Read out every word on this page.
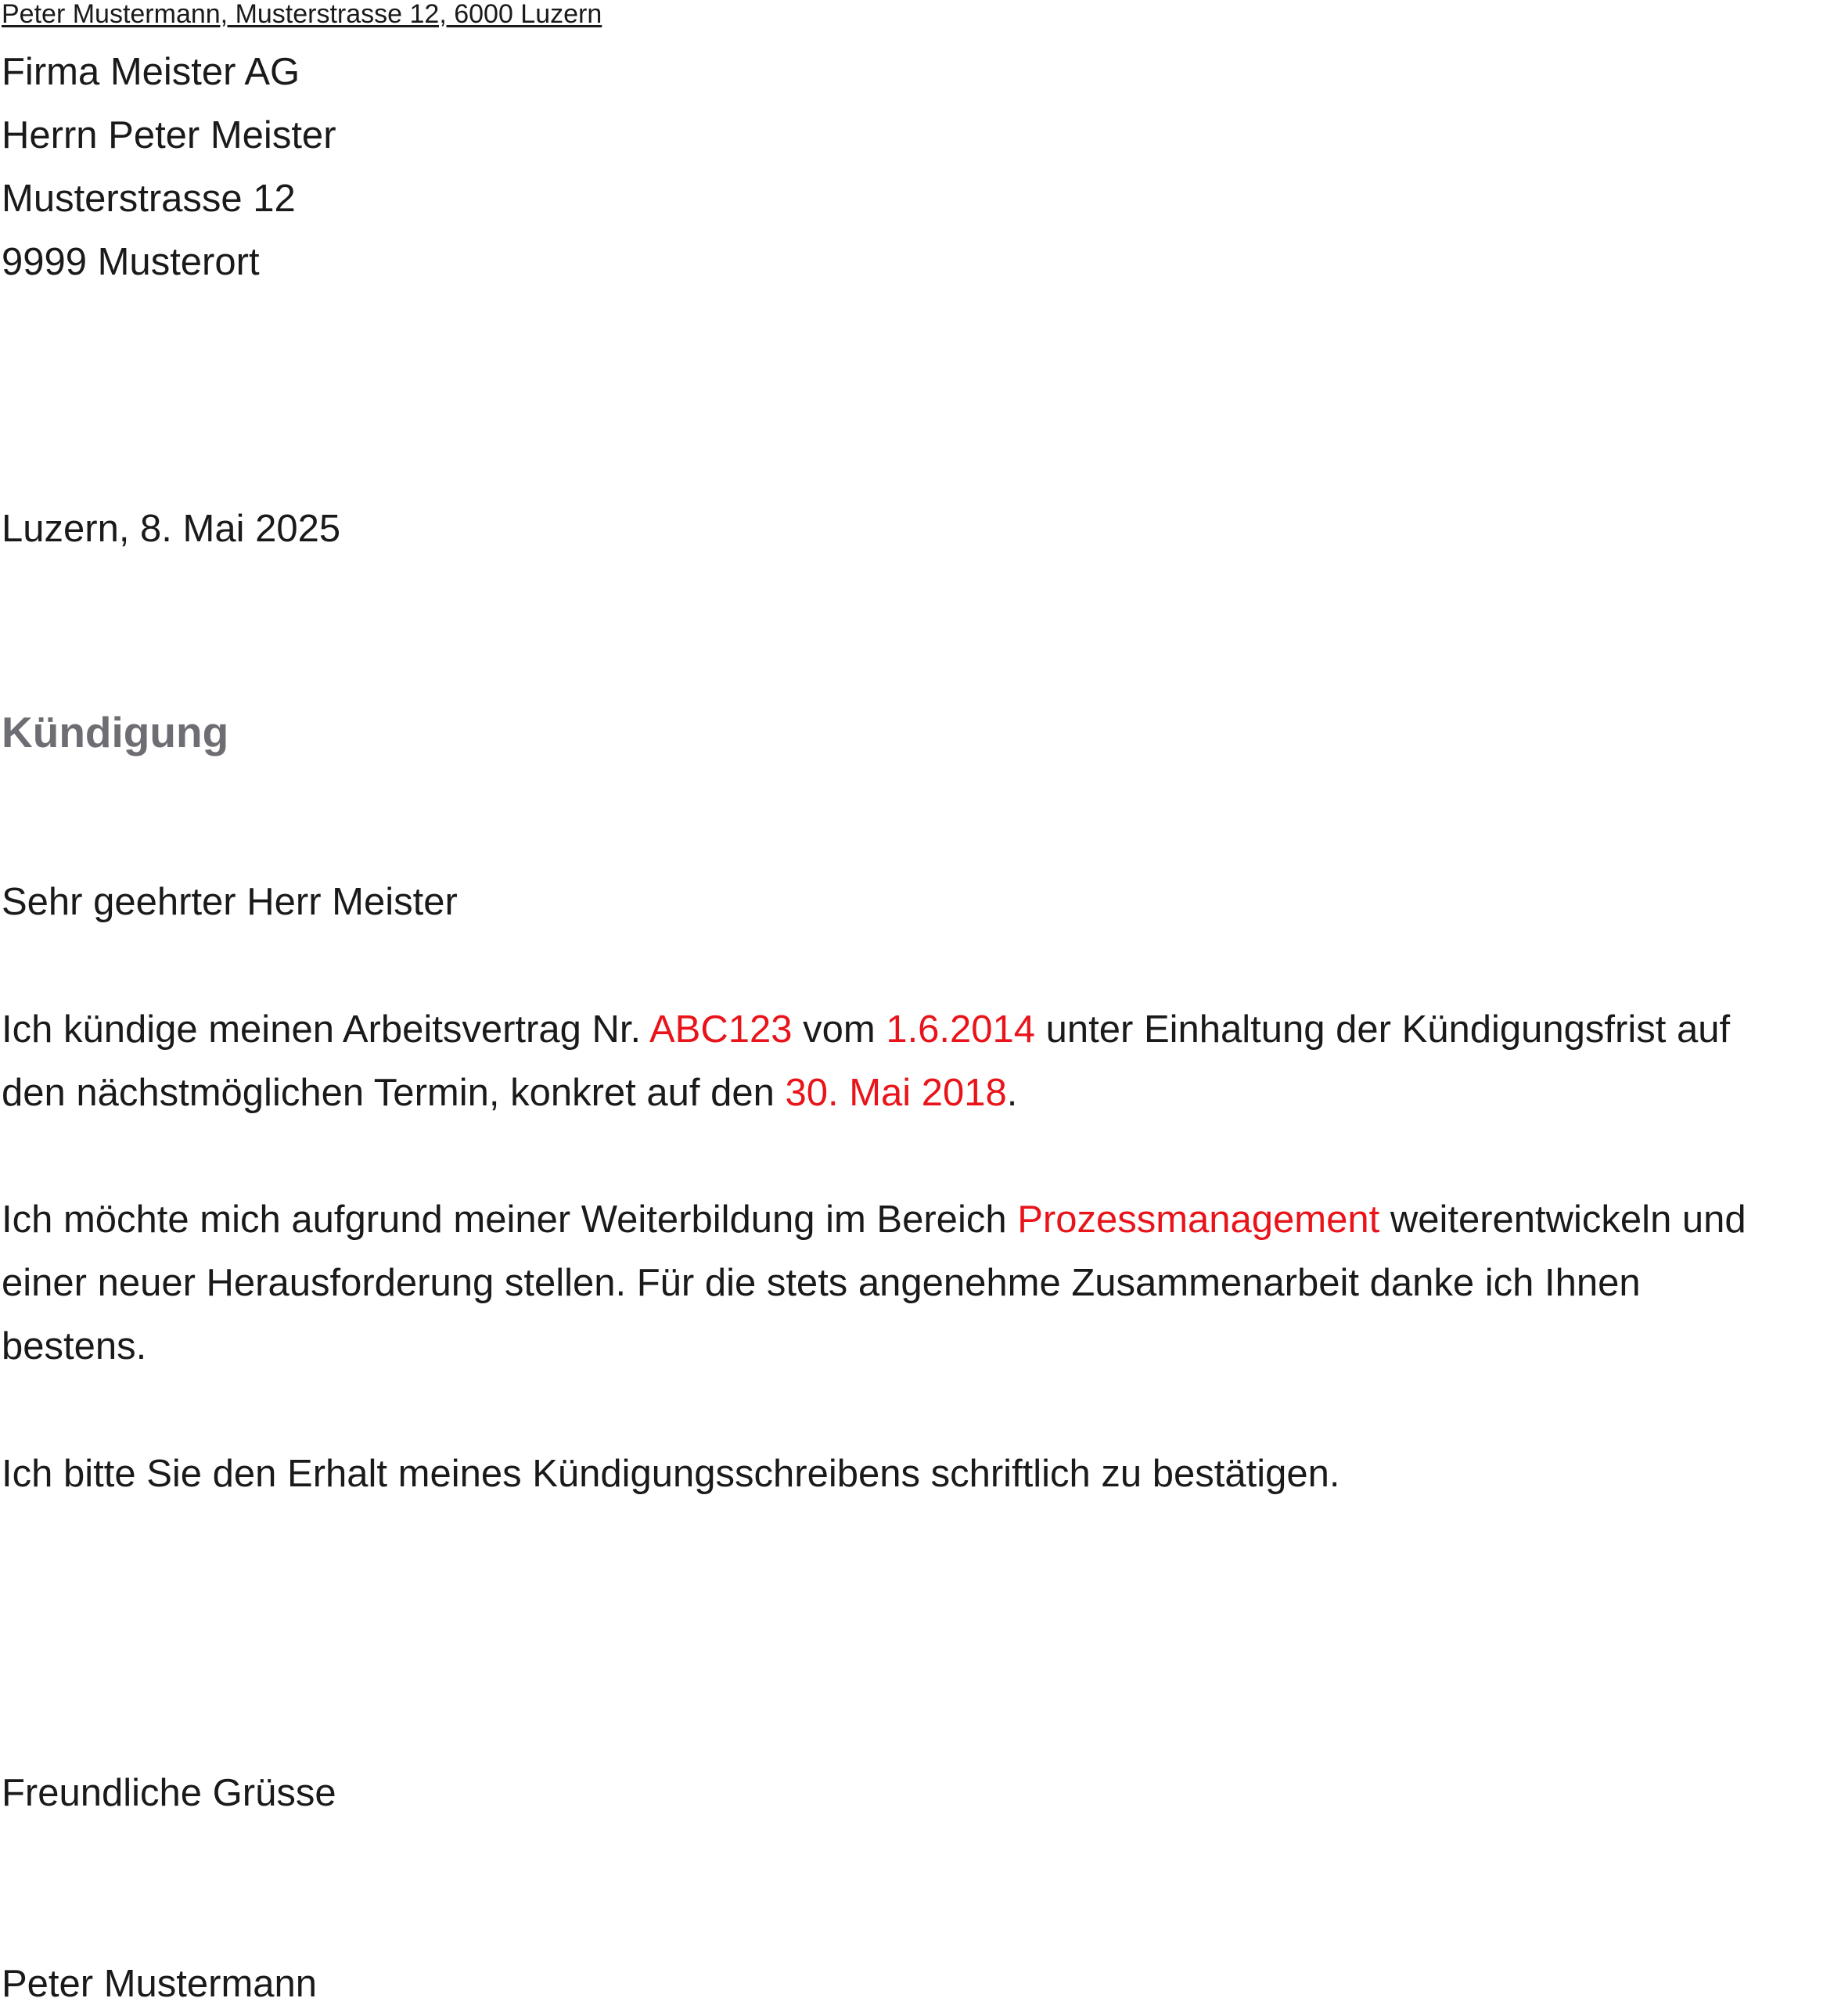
Peter Mustermann, Musterstrasse 12, 6000 Luzern
Firma Meister AG
Herrn Peter Meister
Musterstrasse 12
9999 Musterort
Luzern, 8. Mai 2025
Kündigung
Sehr geehrter Herr Meister
Ich kündige meinen Arbeitsvertrag Nr. ABC123 vom 1.6.2014 unter Einhaltung der Kündigungsfrist auf
den nächstmöglichen Termin, konkret auf den 30. Mai 2018.
Ich möchte mich aufgrund meiner Weiterbildung im Bereich Prozessmanagement weiterentwickeln und
einer neuer Herausforderung stellen. Für die stets angenehme Zusammenarbeit danke ich Ihnen
bestens.
Ich bitte Sie den Erhalt meines Kündigungsschreibens schriftlich zu bestätigen.
Freundliche Grüsse
Peter Mustermann
